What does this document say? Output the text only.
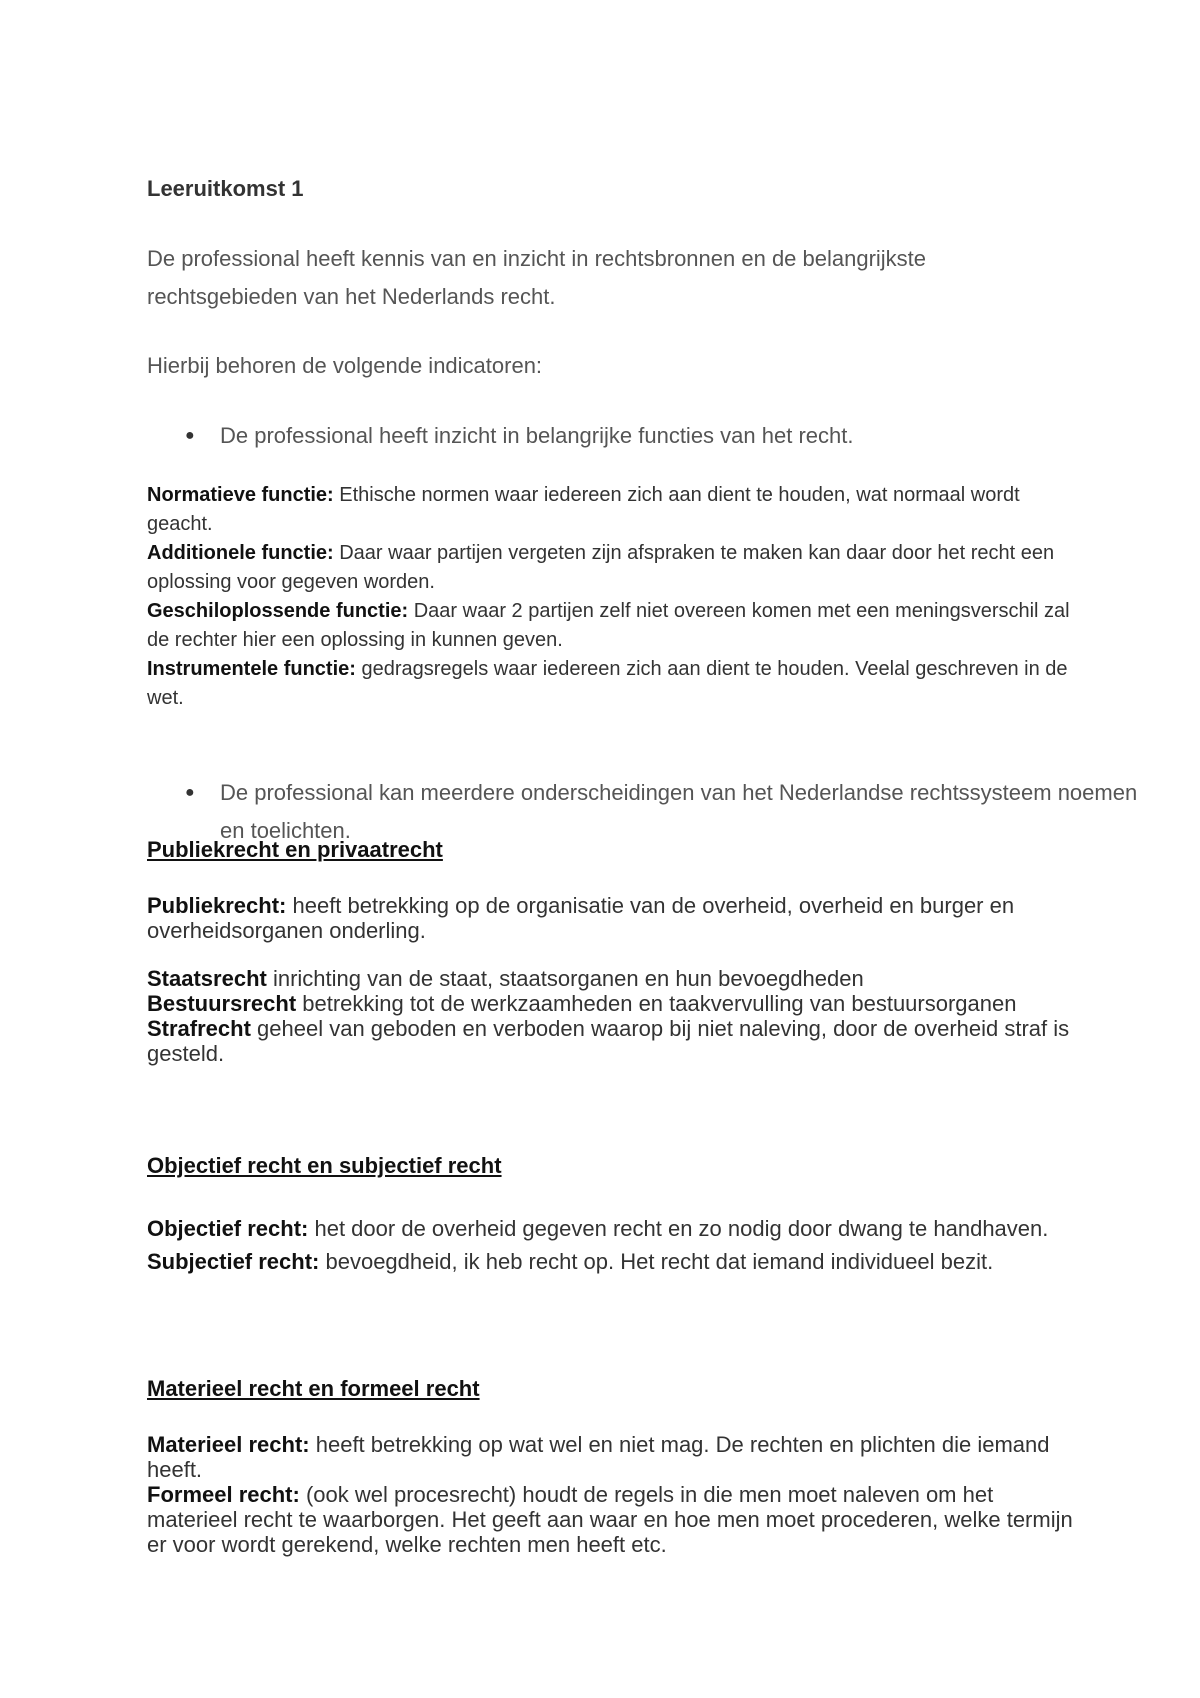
Leeruitkomst 1
De professional heeft kennis van en inzicht in rechtsbronnen en de belangrijkste rechtsgebieden van het Nederlands recht.
Hierbij behoren de volgende indicatoren:
● De professional heeft inzicht in belangrijke functies van het recht.

Normatieve functie: Ethische normen waar iedereen zich aan dient te houden, wat normaal wordt geacht.

Additionele functie: Daar waar partijen vergeten zijn afspraken te maken kan daar door het recht een oplossing voor gegeven worden.

Geschiloplossende functie: Daar waar 2 partijen zelf niet overeen komen met een meningsverschil zal de rechter hier een oplossing in kunnen geven.

Instrumentele functie: gedragsregels waar iedereen zich aan dient te houden. Veelal geschreven in de wet.

● De professional kan meerdere onderscheidingen van het Nederlandse rechtssysteem noemen en toelichten.
Publiekrecht en privaatrecht

Publiekrecht: heeft betrekking op de organisatie van de overheid, overheid en burger en overheidsorganen onderling.

Staatsrecht inrichting van de staat, staatsorganen en hun bevoegdheden

Bestuursrecht betrekking tot de werkzaamheden en taakvervulling van bestuursorganen

Strafrecht geheel van geboden en verboden waarop bij niet naleving, door de overheid straf is gesteld.

Objectief recht en subjectief recht

Objectief recht: het door de overheid gegeven recht en zo nodig door dwang te handhaven.

Subjectief recht: bevoegdheid, ik heb recht op. Het recht dat iemand individueel bezit.

Materieel recht en formeel recht

Materieel recht: heeft betrekking op wat wel en niet mag. De rechten en plichten die iemand heeft.

Formeel recht: (ook wel procesrecht) houdt de regels in die men moet naleven om het materieel recht te waarborgen. Het geeft aan waar en hoe men moet procederen, welke termijn er voor wordt gerekend, welke rechten men heeft etc.
